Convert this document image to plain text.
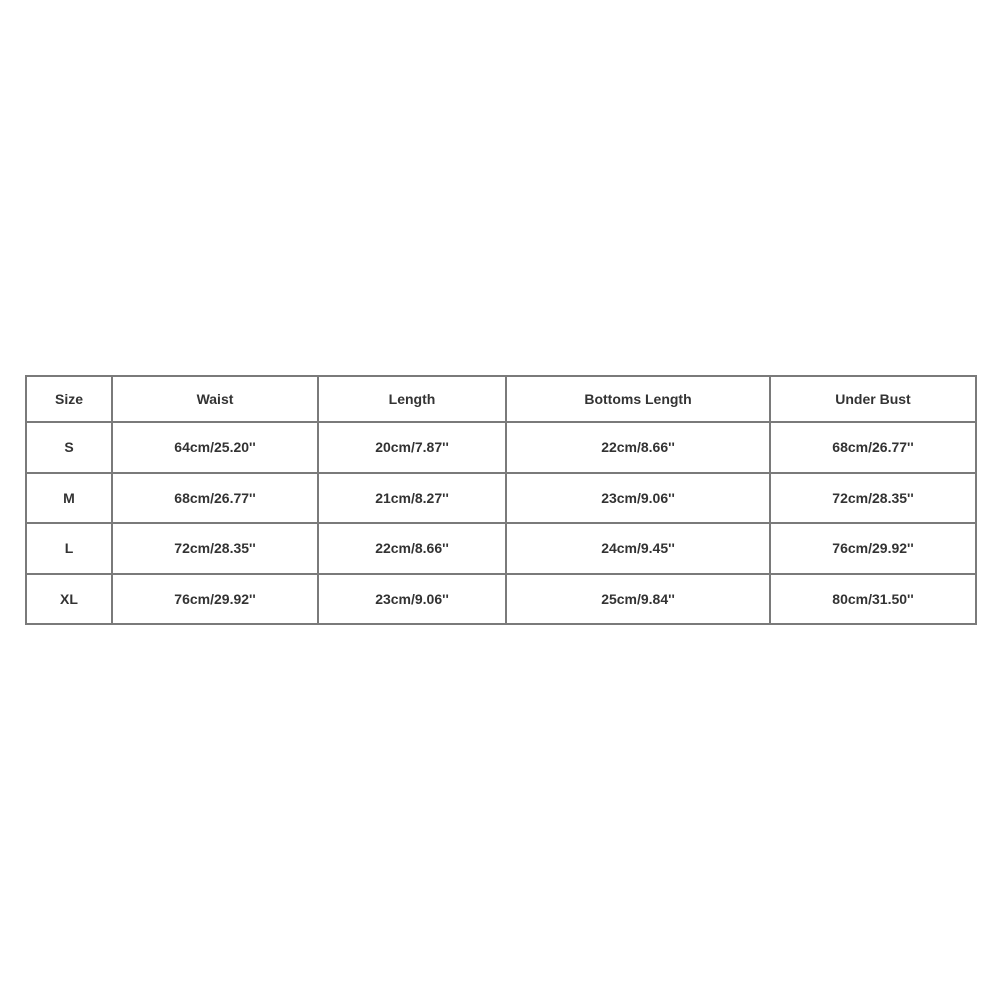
Size	Waist	Length	Bottoms Length	Under Bust
S	64cm/25.20''	20cm/7.87''	22cm/8.66''	68cm/26.77''
M	68cm/26.77''	21cm/8.27''	23cm/9.06''	72cm/28.35''
L	72cm/28.35''	22cm/8.66''	24cm/9.45''	76cm/29.92''
XL	76cm/29.92''	23cm/9.06''	25cm/9.84''	80cm/31.50''
